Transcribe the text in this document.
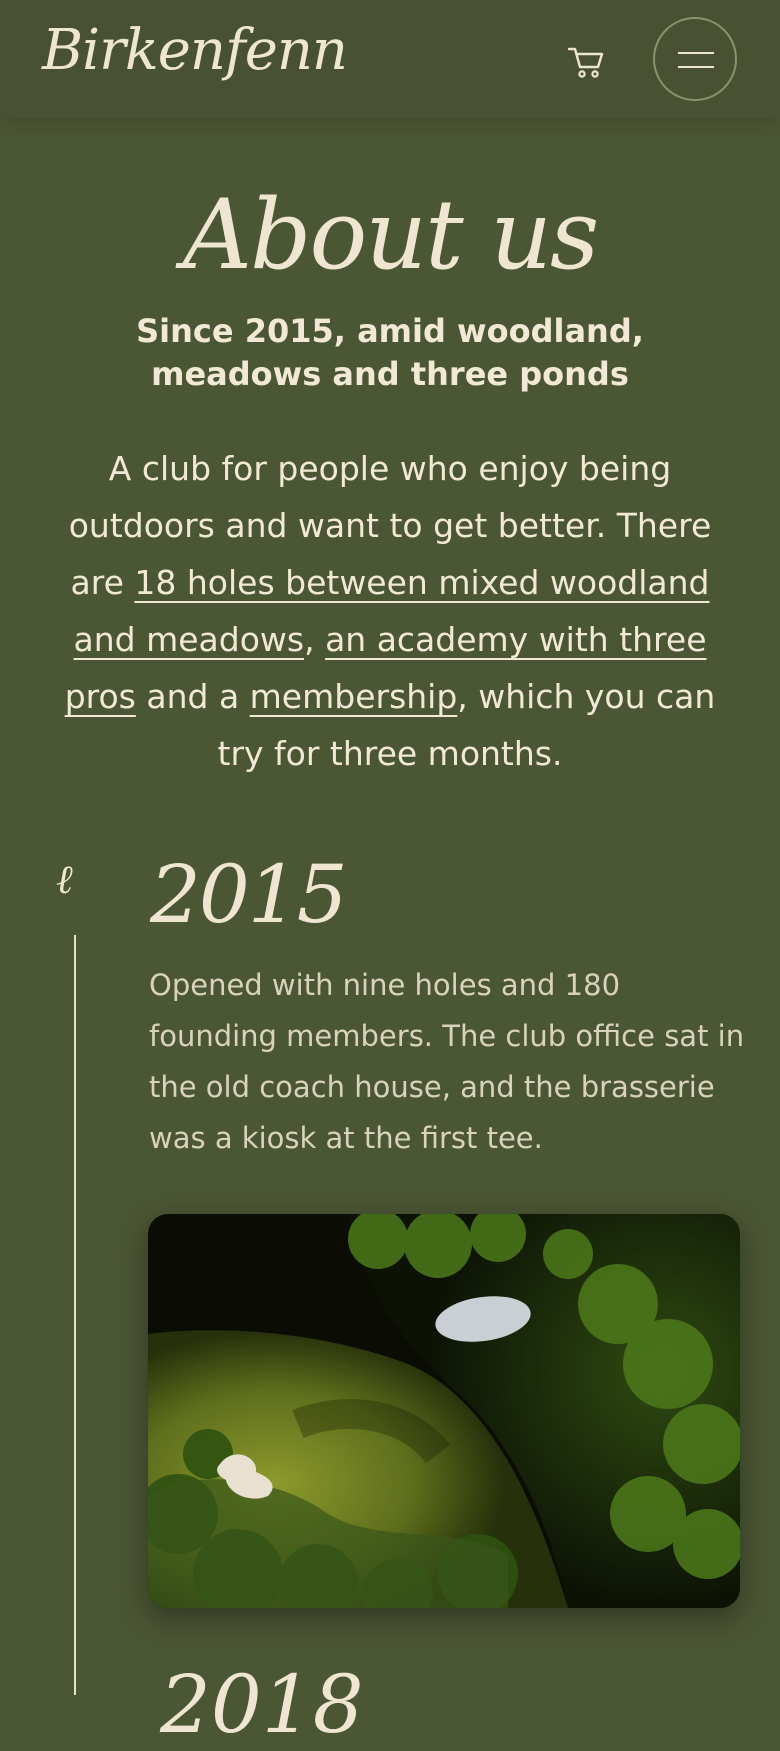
Birkenfenn
About us
Since 2015, amid woodland, meadows and three ponds

A club for people who enjoy being outdoors and want to get better. There are 18 holes between mixed woodland and meadows, an academy with three pros and a membership, which you can try for three months.

ℓ 2015
Opened with nine holes and 180 founding members. The club office sat in the old coach house, and the brasserie was a kiosk at the first tee.
2018
